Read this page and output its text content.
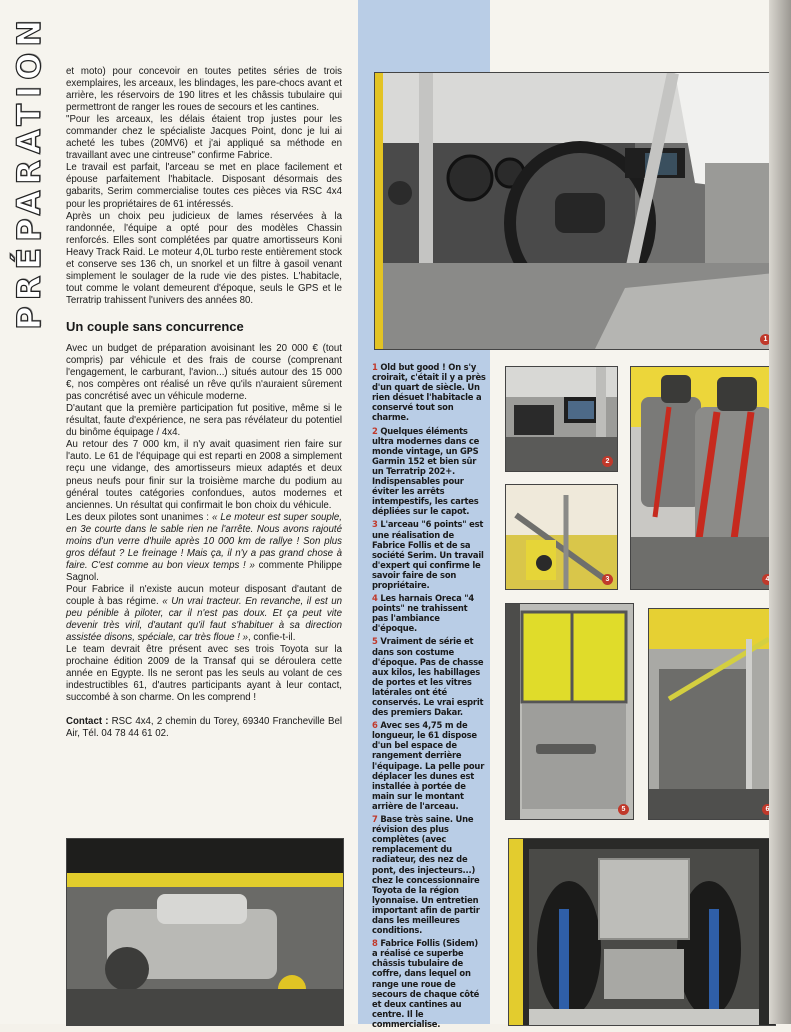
PRÉPARATION et moto) pour concevoir en toutes petites séries de trois exemplaires, les arceaux, les blindages, les pare-chocs avant et arrière, les réservoirs de 190 litres et les châssis tubulaire qui permettront de ranger les roues de secours et les cantines.

"Pour les arceaux, les délais étaient trop justes pour les commander chez le spécialiste Jacques Point, donc je lui ai acheté les tubes (20MV6) et j'ai appliqué sa méthode en travaillant avec une cintreuse" confirme Fabrice.

Le travail est parfait, l'arceau se met en place facilement et épouse parfaitement l'habitacle. Disposant désormais des gabarits, Serim commercialise toutes ces pièces via RSC 4x4 pour les propriétaires de 61 intéressés.

Après un choix peu judicieux de lames réservées à la randonnée, l'équipe a opté pour des modèles Chassin renforcés. Elles sont complétées par quatre amortisseurs Koni Heavy Track Raid. Le moteur 4,0L turbo reste entièrement stock et conserve ses 136 ch, un snorkel et un filtre à gasoil venant simplement le soulager de la rude vie des pistes. L'habitacle, tout comme le volant demeurent d'époque, seuls le GPS et le Terratrip trahissent l'univers des années 80.

Un couple sans concurrence

Avec un budget de préparation avoisinant les 20 000 € (tout compris) par véhicule et des frais de course (comprenant l'engagement, le carburant, l'avion...) situés autour des 15 000 €, nos compères ont réalisé un rêve qu'ils n'auraient sûrement pas concrétisé avec un véhicule moderne.

D'autant que la première participation fut positive, même si le résultat, faute d'expérience, ne sera pas révélateur du potentiel du binôme équipage / 4x4.

Au retour des 7 000 km, il n'y avait quasiment rien faire sur l'auto. Le 61 de l'équipage qui est reparti en 2008 a simplement reçu une vidange, des amortisseurs mieux adaptés et deux pneus neufs pour finir sur la troisième marche du podium au général toutes catégories confondues, autos modernes et anciennes. Un résultat qui confirmait le bon choix du véhicule.

Les deux pilotes sont unanimes : « Le moteur est super souple, en 3e courte dans le sable rien ne l'arrête. Nous avons rajouté moins d'un verre d'huile après 10 000 km de rallye ! Son plus gros défaut ? Le freinage ! Mais ça, il n'y a pas grand chose à faire. C'est comme au bon vieux temps ! » commente Philippe Sagnol.

Pour Fabrice il n'existe aucun moteur disposant d'autant de couple à bas régime. « Un vrai tracteur. En revanche, il est un peu pénible à piloter, car il n'est pas doux. Et ça peut vite devenir très viril, d'autant qu'il faut s'habituer à sa direction assistée disons, spéciale, car très floue ! », confie-t-il.

Le team devrait être présent avec ses trois Toyota sur la prochaine édition 2009 de la Transaf qui se déroulera cette année en Egypte. Ils ne seront pas les seuls au volant de ces indestructibles 61, d'autres participants ayant à leur contact, succombé à son charme. On les comprend !

Contact : RSC 4x4, 2 chemin du Torey, 69340 Francheville Bel Air, Tél. 04 78 44 61 02.

1 Old but good ! On s'y croirait, c'était il y a près d'un quart de siècle. Un rien désuet l'habitacle a conservé tout son charme.

2 Quelques éléments ultra modernes dans ce monde vintage, un GPS Garmin 152 et bien sûr un Terratrip 202+. Indispensables pour éviter les arrêts intempestifs, les cartes dépliées sur le capot.

3 L'arceau "6 points" est une réalisation de Fabrice Follis et de sa société Serim. Un travail d'expert qui confirme le savoir faire de son propriétaire.

4 Les harnais Oreca "4 points" ne trahissent pas l'ambiance d'époque.

5 Vraiment de série et dans son costume d'époque. Pas de chasse aux kilos, les habillages de portes et les vitres latérales ont été conservés. Le vrai esprit des premiers Dakar.

6 Avec ses 4,75 m de longueur, le 61 dispose d'un bel espace de rangement derrière l'équipage. La pelle pour déplacer les dunes est installée à portée de main sur le montant arrière de l'arceau.

7 Base très saine. Une révision des plus complètes (avec remplacement du radiateur, des nez de pont, des injecteurs...) chez le concessionnaire Toyota de la région lyonnaise. Un entretien important afin de partir dans les meilleures conditions.

8 Fabrice Follis (Sidem) a réalisé ce superbe châssis tubulaire de coffre, dans lequel on range une roue de secours de chaque côté et deux cantines au centre. Il le commercialise.

1
2
3	4
5	6
